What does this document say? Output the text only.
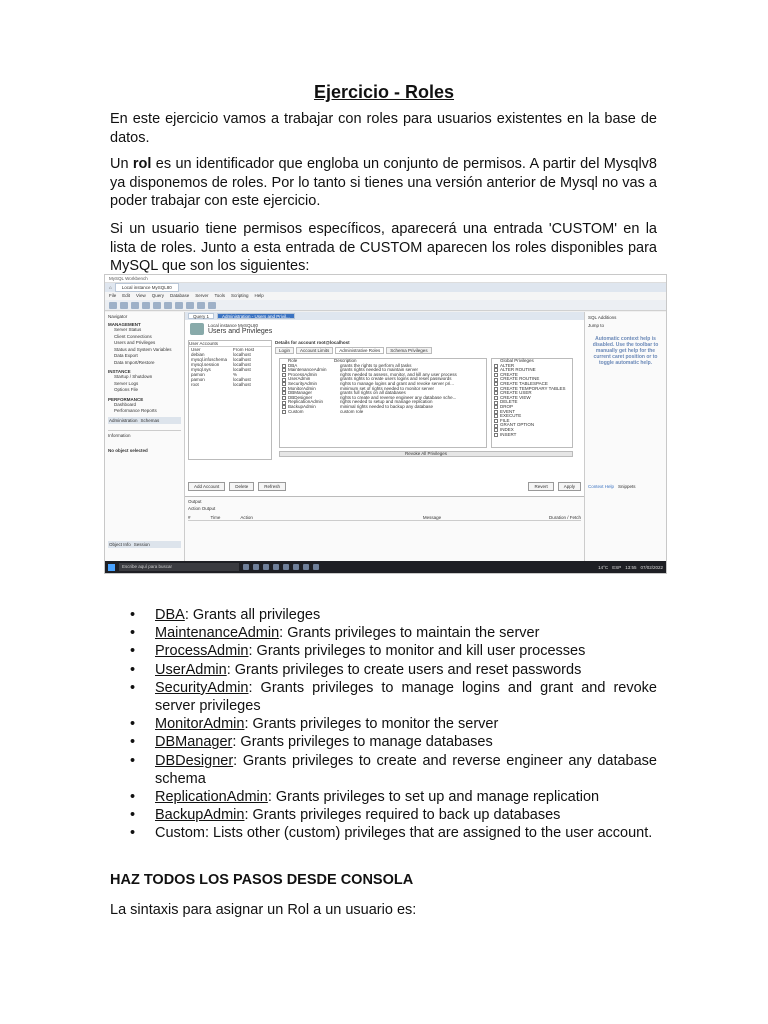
Ejercicio - Roles

En este ejercicio vamos a trabajar con roles para usuarios existentes en la base de datos.

Un rol es un identificador que engloba un conjunto de permisos. A partir del Mysqlv8 ya disponemos de roles. Por lo tanto si tienes una versión anterior de Mysql no vas a poder trabajar con este ejercicio.

Si un usuario tiene permisos específicos, aparecerá una entrada 'CUSTOM' en la lista de roles. Junto a esta entrada de CUSTOM aparecen los roles disponibles para MySQL que son los siguientes:

MySQL Workbench
⌂	Local instance MySQL80
File Edit View Query Database Server Tools Scripting Help
Navigator
MANAGEMENT
Server Status
Client Connections
Users and Privileges
Status and System Variables
Data Export
Data Import/Restore
INSTANCE
Startup / Shutdown
Server Logs
Options File
PERFORMANCE
Dashboard
Performance Reports
Administration Schemas
Information
No object selected
Object Info Session
Query 1	Administration - Users and Privil...
Local instance MySQL80
Users and Privileges
User Accounts
User	From Host
debian	localhost
mysql.infoschema	localhost
mysql.session	localhost
mysql.sys	localhost
pamon	%
pamon	localhost
root	localhost
Details for account root@localhost
Login	Account Limits	Administrative Roles	Schema Privileges
Role	Description
DBA	grants the rights to perform all tasks
MaintenanceAdmin	grants rights needed to maintain server
ProcessAdmin	rights needed to assess, monitor, and kill any user process
UserAdmin	grants rights to create users logins and reset passwords
SecurityAdmin	rights to manage logins and grant and revoke server pri...
MonitorAdmin	minimum set of rights needed to monitor server
DBManager	grants full rights on all databases
DBDesigner	rights to create and reverse engineer any database sche...
ReplicationAdmin	rights needed to setup and manage replication
BackupAdmin	minimal rights needed to backup any database
Custom	custom role
Global Privileges
ALTER
ALTER ROUTINE
CREATE
CREATE ROUTINE
CREATE TABLESPACE
CREATE TEMPORARY TABLES
CREATE USER
CREATE VIEW
DELETE
DROP
EVENT
EXECUTE
FILE
GRANT OPTION
INDEX
INSERT
Revoke All Privileges
Add Account	Delete	Refresh	Revert	Apply
Output
Action Output
#	Time	Action	Message	Duration / Fetch
SQL Additions
Jump to
Automatic context help is disabled. Use the toolbar to manually get help for the current caret position or to toggle automatic help.
Context Help Snippets
Escribe aquí para buscar	14°C ESP 13:55 07/02/2022
• DBA: Grants all privileges
• MaintenanceAdmin: Grants privileges to maintain the server
• ProcessAdmin: Grants privileges to monitor and kill user processes
• UserAdmin: Grants privileges to create users and reset passwords
• SecurityAdmin: Grants privileges to manage logins and grant and revoke server privileges
• MonitorAdmin: Grants privileges to monitor the server
• DBManager: Grants privileges to manage databases
• DBDesigner: Grants privileges to create and reverse engineer any database schema
• ReplicationAdmin: Grants privileges to set up and manage replication
• BackupAdmin: Grants privileges required to back up databases
• Custom: Lists other (custom) privileges that are assigned to the user account.
HAZ TODOS LOS PASOS DESDE CONSOLA

La sintaxis para asignar un Rol a un usuario es:
